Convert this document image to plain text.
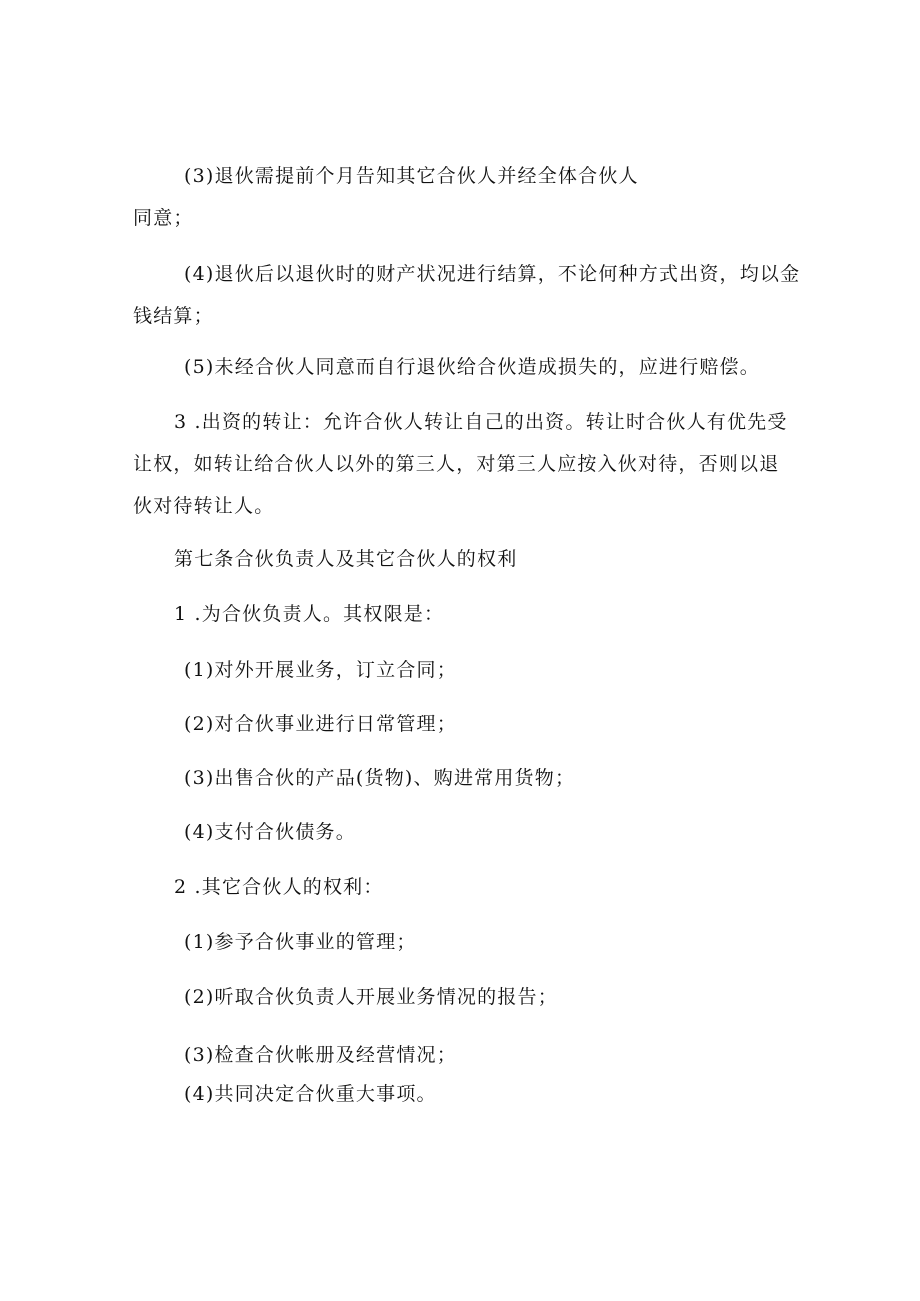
(3)退伙需提前个月告知其它合伙人并经全体合伙人
同意；
(4)退伙后以退伙时的财产状况进行结算，不论何种方式出资，均以金
钱结算；
(5)未经合伙人同意而自行退伙给合伙造成损失的，应进行赔偿。
3 .出资的转让：允许合伙人转让自己的出资。转让时合伙人有优先受
让权，如转让给合伙人以外的第三人，对第三人应按入伙对待，否则以退
伙对待转让人。
第七条合伙负责人及其它合伙人的权利
1 .为合伙负责人。其权限是：
(1)对外开展业务，订立合同；
(2)对合伙事业进行日常管理；
(3)出售合伙的产品(货物)、购进常用货物；
(4)支付合伙债务。
2 .其它合伙人的权利：
(1)参予合伙事业的管理；
(2)听取合伙负责人开展业务情况的报告；
(3)检查合伙帐册及经营情况；
(4)共同决定合伙重大事项。
